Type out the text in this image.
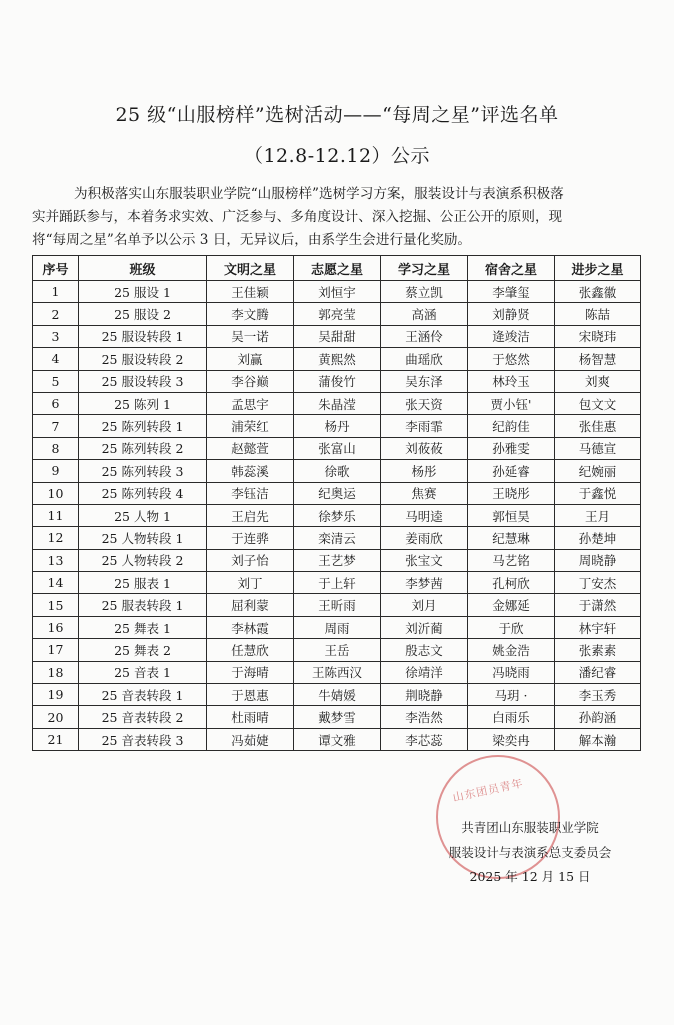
25 级“山服榜样”选树活动——“每周之星”评选名单
（12.8-12.12）公示
为积极落实山东服装职业学院“山服榜样”选树学习方案，服装设计与表演系积极落
实并踊跃参与，本着务求实效、广泛参与、多角度设计、深入挖掘、公正公开的原则，现
将“每周之星”名单予以公示 3 日，无异议后，由系学生会进行量化奖励。
序号	班级	文明之星	志愿之星	学习之星	宿舍之星	进步之星
1	25 服设 1	王佳颖	刘恒宇	蔡立凯	李肇玺	张鑫徽
2	25 服设 2	李文腾	郭亮莹	高涵	刘静贤	陈喆
3	25 服设转段 1	吴一诺	吴甜甜	王涵伶	逄竣洁	宋晓玮
4	25 服设转段 2	刘赢	黄熙然	曲瑶欣	于悠然	杨智慧
5	25 服设转段 3	李谷巅	蒲俊竹	吴东泽	林玲玉	刘爽
6	25 陈列 1	孟思宇	朱晶滢	张天资	贾小钰'	包文文
7	25 陈列转段 1	浦荣红	杨丹	李雨霏	纪韵佳	张佳惠
8	25 陈列转段 2	赵懿萱	张富山	刘莜莜	孙雅雯	马德宣
9	25 陈列转段 3	韩蕊溪	徐歌	杨彤	孙延睿	纪婉丽
10	25 陈列转段 4	李钰洁	纪奥运	焦赛	王晓彤	于鑫悦
11	25 人物 1	王启先	徐梦乐	马明逵	郭恒昊	王月
12	25 人物转段 1	于连骅	栾清云	姜雨欣	纪慧琳	孙楚坤
13	25 人物转段 2	刘子怡	王艺梦	张宝文	马艺铭	周晓静
14	25 服表 1	刘丁	于上轩	李梦茜	孔柯欣	丁安杰
15	25 服表转段 1	屈利蒙	王昕雨	刘月	金娜延	于潇然
16	25 舞表 1	李林霞	周雨	刘沂蔺	于欣	林宇轩
17	25 舞表 2	任慧欣	王岳	殷志文	姚金浩	张素素
18	25 音表 1	于海晴	王陈西汉	徐靖洋	冯晓雨	潘纪睿
19	25 音表转段 1	于恩惠	牛婧媛	荆晓静	马玥 ·	李玉秀
20	25 音表转段 2	杜雨晴	戴梦雪	李浩然	白雨乐	孙韵涵
21	25 音表转段 3	冯茹婕	谭文雅	李芯蕊	梁奕冉	解本瀚
山东团员青年
共青团山东服装职业学院
服装设计与表演系总支委员会
2025 年 12 月 15 日
